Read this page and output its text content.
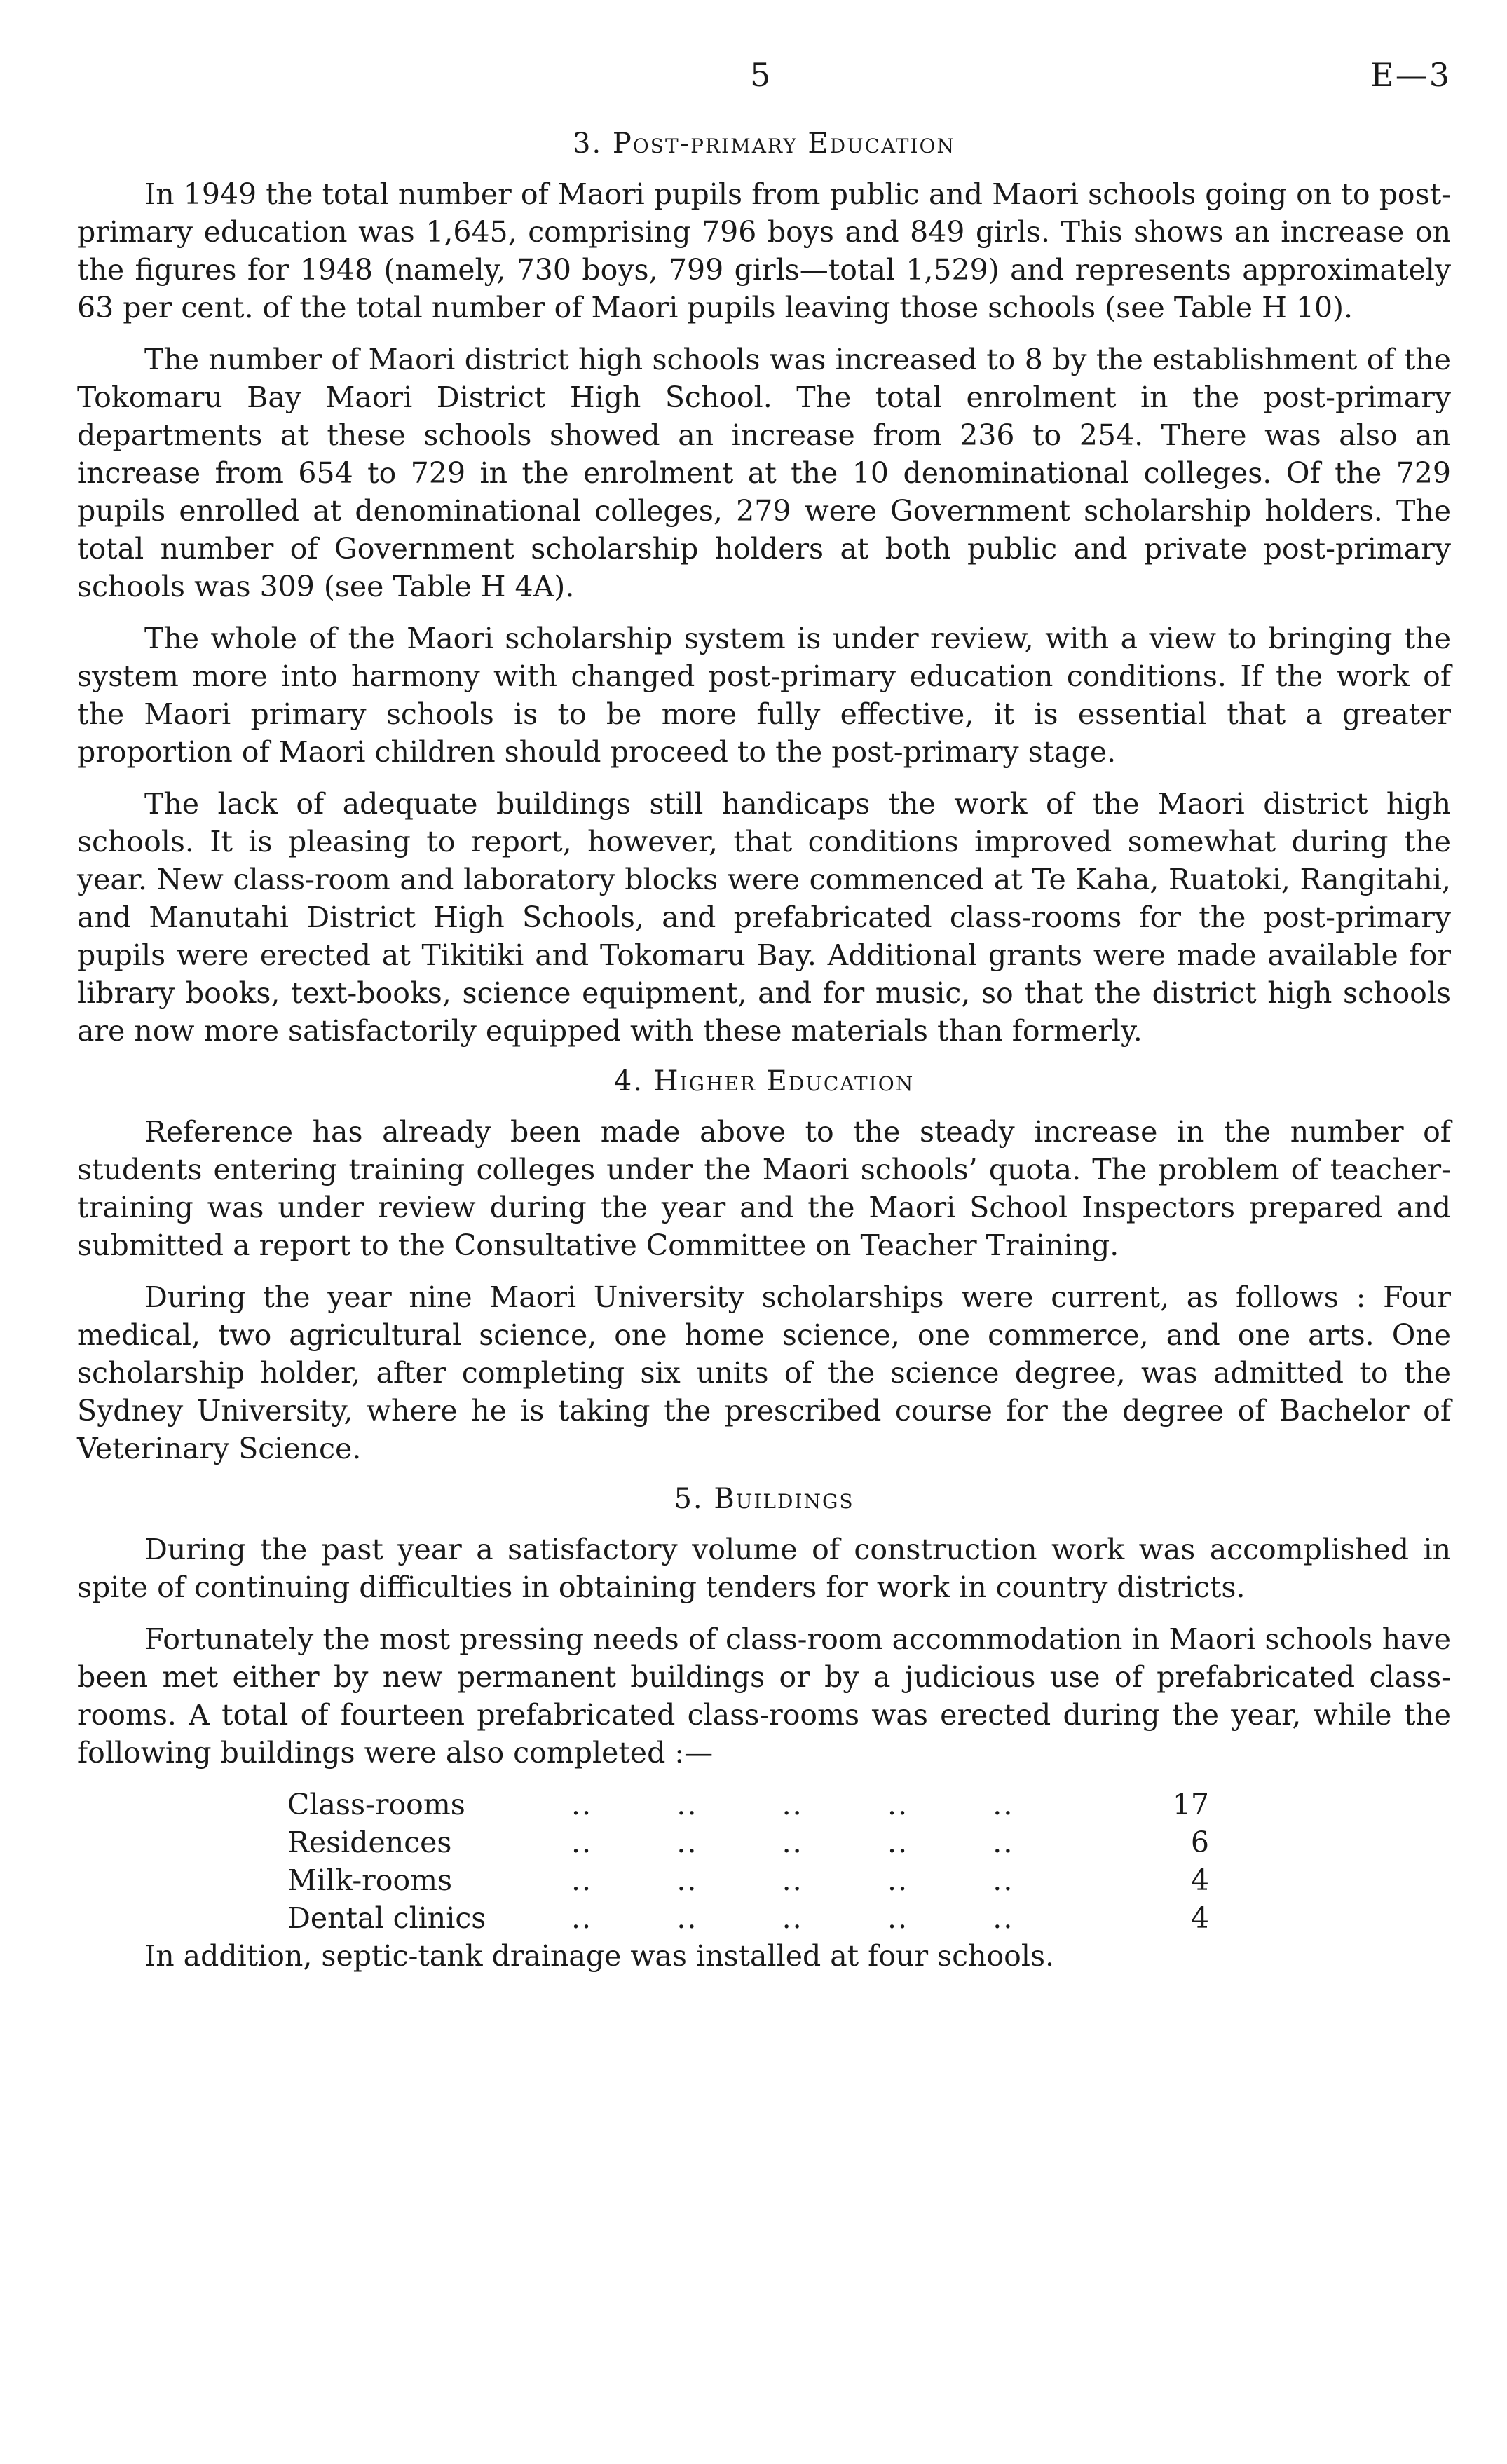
5	E—3
3. Post-primary Education

In 1949 the total number of Maori pupils from public and Maori schools going on to post-primary education was 1,645, comprising 796 boys and 849 girls. This shows an increase on the figures for 1948 (namely, 730 boys, 799 girls—total 1,529) and represents approximately 63 per cent. of the total number of Maori pupils leaving those schools (see Table H 10).

The number of Maori district high schools was increased to 8 by the establishment of the Tokomaru Bay Maori District High School. The total enrolment in the post-primary departments at these schools showed an increase from 236 to 254. There was also an increase from 654 to 729 in the enrolment at the 10 denominational colleges. Of the 729 pupils enrolled at denominational colleges, 279 were Government scholarship holders. The total number of Government scholarship holders at both public and private post-primary schools was 309 (see Table H 4A).

The whole of the Maori scholarship system is under review, with a view to bringing the system more into harmony with changed post-primary education conditions. If the work of the Maori primary schools is to be more fully effective, it is essential that a greater proportion of Maori children should proceed to the post-primary stage.

The lack of adequate buildings still handicaps the work of the Maori district high schools. It is pleasing to report, however, that conditions improved somewhat during the year. New class-room and laboratory blocks were commenced at Te Kaha, Ruatoki, Rangitahi, and Manutahi District High Schools, and prefabricated class-rooms for the post-primary pupils were erected at Tikitiki and Tokomaru Bay. Additional grants were made available for library books, text-books, science equipment, and for music, so that the district high schools are now more satisfactorily equipped with these materials than formerly.

4. Higher Education

Reference has already been made above to the steady increase in the number of students entering training colleges under the Maori schools’ quota. The problem of teacher-training was under review during the year and the Maori School Inspectors prepared and submitted a report to the Consultative Committee on Teacher Training.

During the year nine Maori University scholarships were current, as follows : Four medical, two agricultural science, one home science, one commerce, and one arts. One scholarship holder, after completing six units of the science degree, was admitted to the Sydney University, where he is taking the prescribed course for the degree of Bachelor of Veterinary Science.

5. Buildings

During the past year a satisfactory volume of construction work was accomplished in spite of continuing difficulties in obtaining tenders for work in country districts.

Fortunately the most pressing needs of class-room accommodation in Maori schools have been met either by new permanent buildings or by a judicious use of prefabricated class-rooms. A total of fourteen prefabricated class-rooms was erected during the year, while the following buildings were also completed :—

Class-rooms	..        ..        ..        ..        ..	17
Residences	..        ..        ..        ..        ..	6
Milk-rooms	..        ..        ..        ..        ..	4
Dental clinics	..        ..        ..        ..        ..	4

In addition, septic-tank drainage was installed at four schools.
